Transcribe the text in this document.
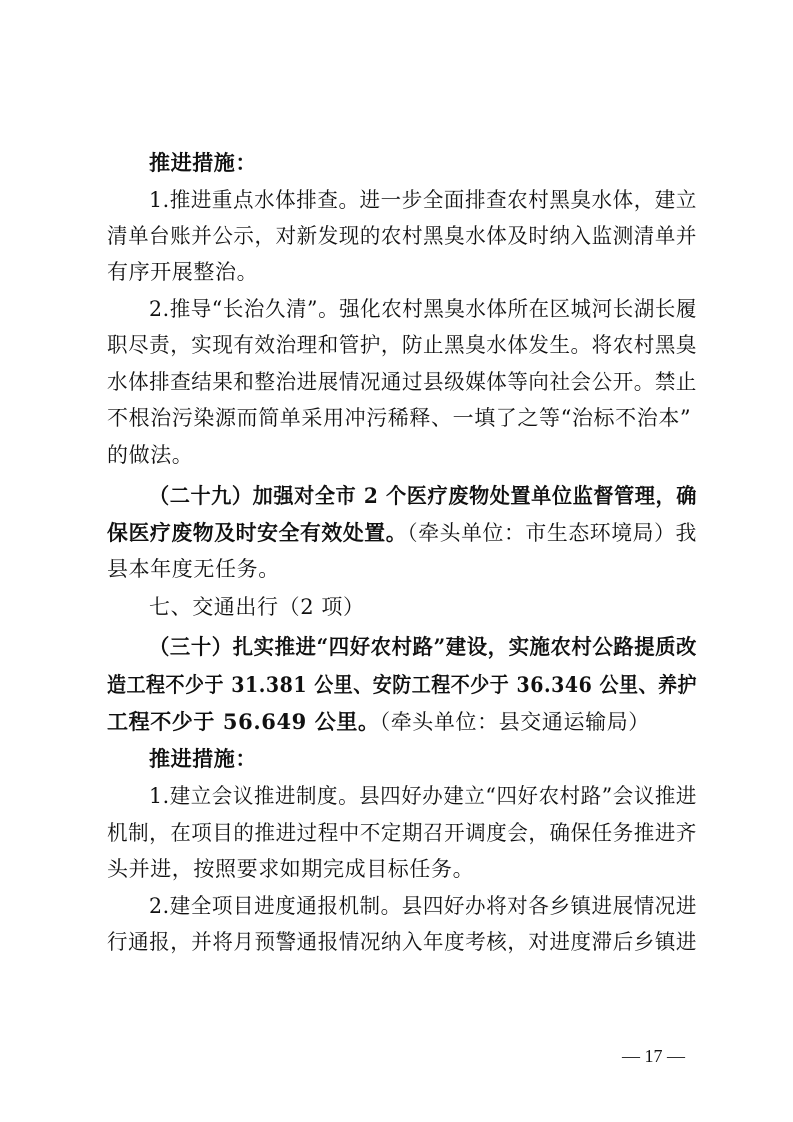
推进措施：
1.推进重点水体排查。进一步全面排查农村黑臭水体，建立
清单台账并公示，对新发现的农村黑臭水体及时纳入监测清单并
有序开展整治。
2.推导“长治久清”。强化农村黑臭水体所在区城河长湖长履
职尽责，实现有效治理和管护，防止黑臭水体发生。将农村黑臭
水体排查结果和整治进展情况通过县级媒体等向社会公开。禁止
不根治污染源而简单采用冲污稀释、一填了之等“治标不治本”
的做法。
（二十九）加强对全市 2 个医疗废物处置单位监督管理，确
保医疗废物及时安全有效处置。（牵头单位：市生态环境局）我
县本年度无任务。
七、交通出行（2 项）
（三十）扎实推进“四好农村路”建设，实施农村公路提质改
造工程不少于 31.381 公里、安防工程不少于 36.346 公里、养护
工程不少于 56.649 公里。（牵头单位：县交通运输局）
推进措施：
1.建立会议推进制度。县四好办建立“四好农村路”会议推进
机制，在项目的推进过程中不定期召开调度会，确保任务推进齐
头并进，按照要求如期完成目标任务。
2.建全项目进度通报机制。县四好办将对各乡镇进展情况进
行通报，并将月预警通报情况纳入年度考核，对进度滞后乡镇进
— 17 —
